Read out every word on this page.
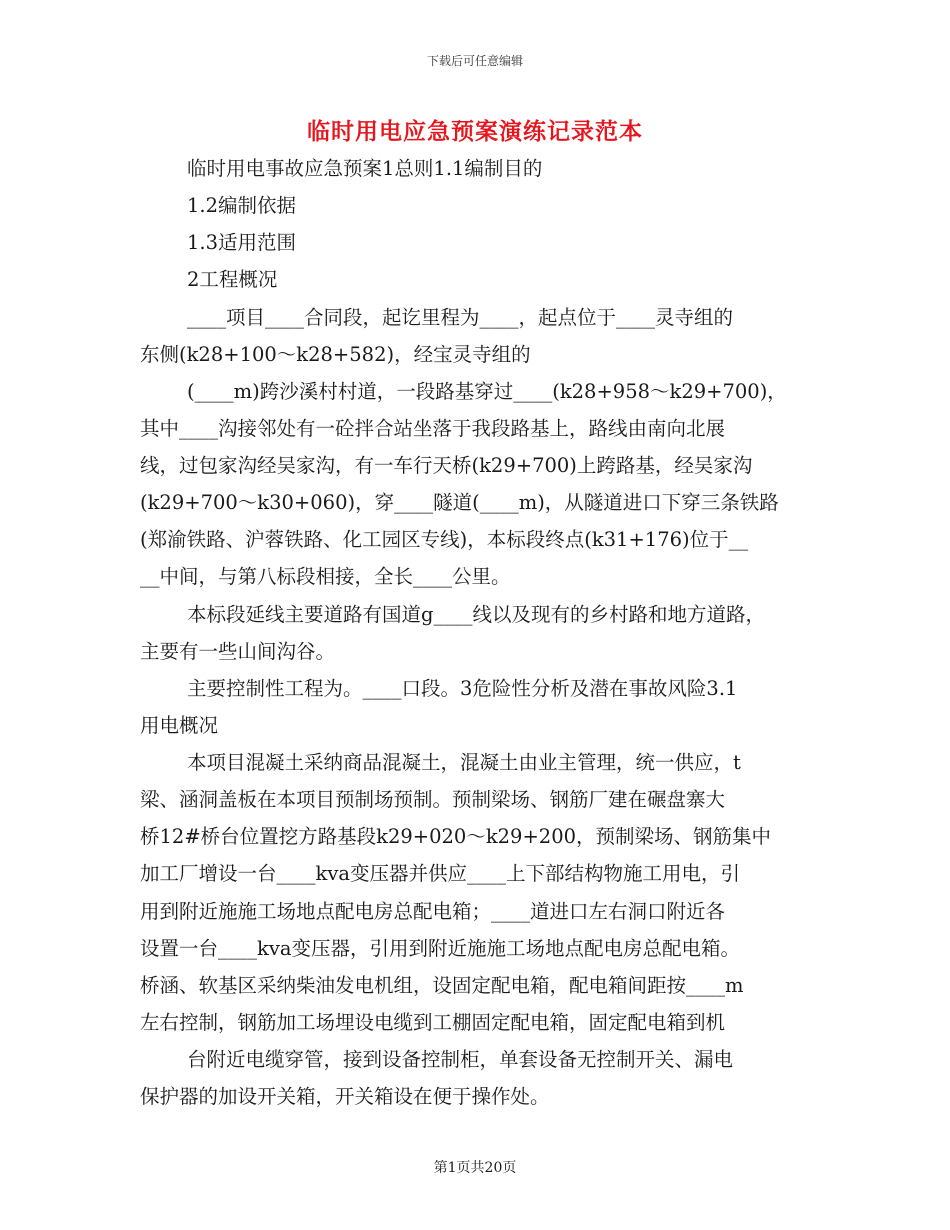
下载后可任意编辑
临时用电应急预案演练记录范本
临时用电事故应急预案1总则1.1编制目的
1.2编制依据
1.3适用范围
2工程概况
____项目____合同段，起讫里程为____，起点位于____灵寺组的
东侧(k28+100～k28+582)，经宝灵寺组的
(____m)跨沙溪村村道，一段路基穿过____(k28+958～k29+700)，
其中____沟接邻处有一砼拌合站坐落于我段路基上，路线由南向北展
线，过包家沟经吴家沟，有一车行天桥(k29+700)上跨路基，经吴家沟
(k29+700～k30+060)，穿____隧道(____m)，从隧道进口下穿三条铁路
(郑渝铁路、沪蓉铁路、化工园区专线)，本标段终点(k31+176)位于__
__中间，与第八标段相接，全长____公里。
本标段延线主要道路有国道g____线以及现有的乡村路和地方道路，
主要有一些山间沟谷。
主要控制性工程为。____口段。3危险性分析及潜在事故风险3.1
用电概况
本项目混凝土采纳商品混凝土，混凝土由业主管理，统一供应，t
梁、涵洞盖板在本项目预制场预制。预制梁场、钢筋厂建在碾盘寨大
桥12#桥台位置挖方路基段k29+020～k29+200，预制梁场、钢筋集中
加工厂增设一台____kva变压器并供应____上下部结构物施工用电，引
用到附近施施工场地点配电房总配电箱；____道进口左右洞口附近各
设置一台____kva变压器，引用到附近施施工场地点配电房总配电箱。
桥涵、软基区采纳柴油发电机组，设固定配电箱，配电箱间距按____m
左右控制，钢筋加工场埋设电缆到工棚固定配电箱，固定配电箱到机
台附近电缆穿管，接到设备控制柜，单套设备无控制开关、漏电
保护器的加设开关箱，开关箱设在便于操作处。
第1页共20页
